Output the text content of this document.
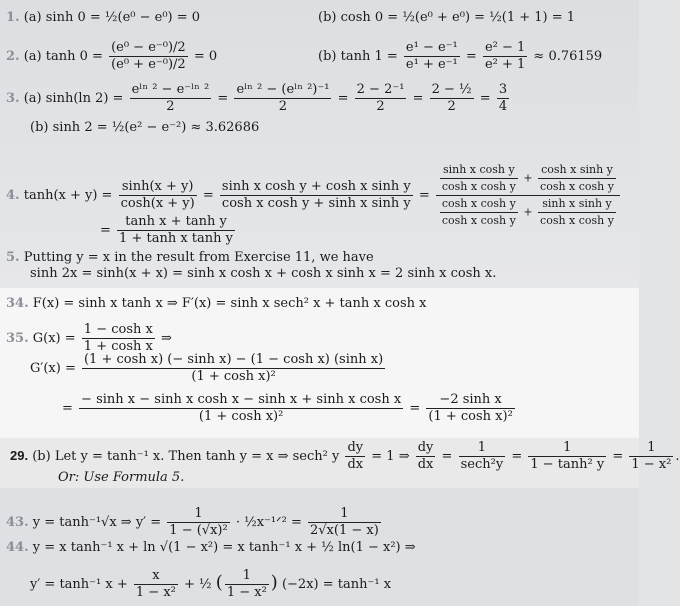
1. (a) sinh 0 = ½(e⁰ − e⁰) = 0	(b) cosh 0 = ½(e⁰ + e⁰) = ½(1 + 1) = 1
2. (a) $\tanh 0 = \frac{\text{(e⁰ − e⁻⁰)/2}}{\text{(e⁰ + e⁻⁰)/2}} = 0$	(b) $\tanh 1 = \frac{\text{e¹ − e⁻¹}}{\text{e¹ + e⁻¹}} = \frac{\text{e² − 1}}{\text{e² + 1}} \approx 0.76159$
3. (a) sinh(ln $2) = \frac{\text{eˡⁿ ² − e⁻ˡⁿ ²}}{2} = \frac{\text{eˡⁿ ² − (eˡⁿ ²)⁻¹}}{2} = \frac{\text{2 − 2⁻¹}}{2} = \frac{\text{2 − ½}}{2} = \frac{3}{4}$
(b) sinh 2 = ½(e² − e⁻²) ≈ 3.62686
4. $\tanh(x + y) = \frac{\sinh(x + y)}{\cosh(x + y)} = \frac{\text{sinh x cosh y + cosh x sinh y}}{\text{cosh x cosh y + sinh x sinh y}}$ =
$\frac{\text{sinh x cosh y}}{\text{cosh x cosh y}} + \frac{\text{cosh x sinh y}}{\text{cosh x cosh y}}$
$\frac{\text{cosh x cosh y}}{\text{cosh x cosh y}} + \frac{\text{sinh x sinh y}}{\text{cosh x cosh y}}$
= $\frac{\text{tanh x + tanh y}}{\text{1 + tanh x tanh y}}$
5. Putting y = x in the result from Exercise 11, we have
sinh 2x = sinh(x + x) = sinh x cosh x + cosh x sinh x = 2 sinh x cosh x.
34. F(x) = sinh x tanh x ⇒ F′(x) = sinh x sech² x + tanh x cosh x
35. $G(x) = \frac{\text{1 − cosh x}}{\text{1 + cosh x}}$ ⇒
$G'(x) = \frac{\text{(1 + cosh x) (− sinh x) − (1 − cosh x) (sinh x)}}{\text{(1 + cosh x)²}}$
= $\frac{\text{− sinh x − sinh x cosh x − sinh x + sinh x cosh x}}{\text{(1 + cosh x)²}} = \frac{\text{−2 sinh x}}{\text{(1 + cosh x)²}}$
29. (b) Let y = tanh⁻¹ x. Then tanh y = x ⇒ sech² y $\frac{dy}{dx} = 1$ ⇒ $\frac{dy}{dx} = \frac{1}{\text{sech²y}} = \frac{1}{\text{1 − tanh² y}} = \frac{1}{\text{1 − x²}}$ .
Or: Use Formula 5.
43. y = tanh⁻¹√x ⇒ $y' = \frac{1}{\text{1 − (√x)²}}$ · ½x⁻¹ᐟ² = $\frac{1}{2√x(1 - x)}$
44. y = x tanh⁻¹ x + ln √(1 − x²) = x tanh⁻¹ x + ½ ln(1 − x²) ⇒
y′ = tanh⁻¹ $x + \frac{x}{\text{1 − x²}}$ + ½ ( $\frac{1}{\text{1 − x²}}$ ) (−2x) = tanh⁻¹ x
